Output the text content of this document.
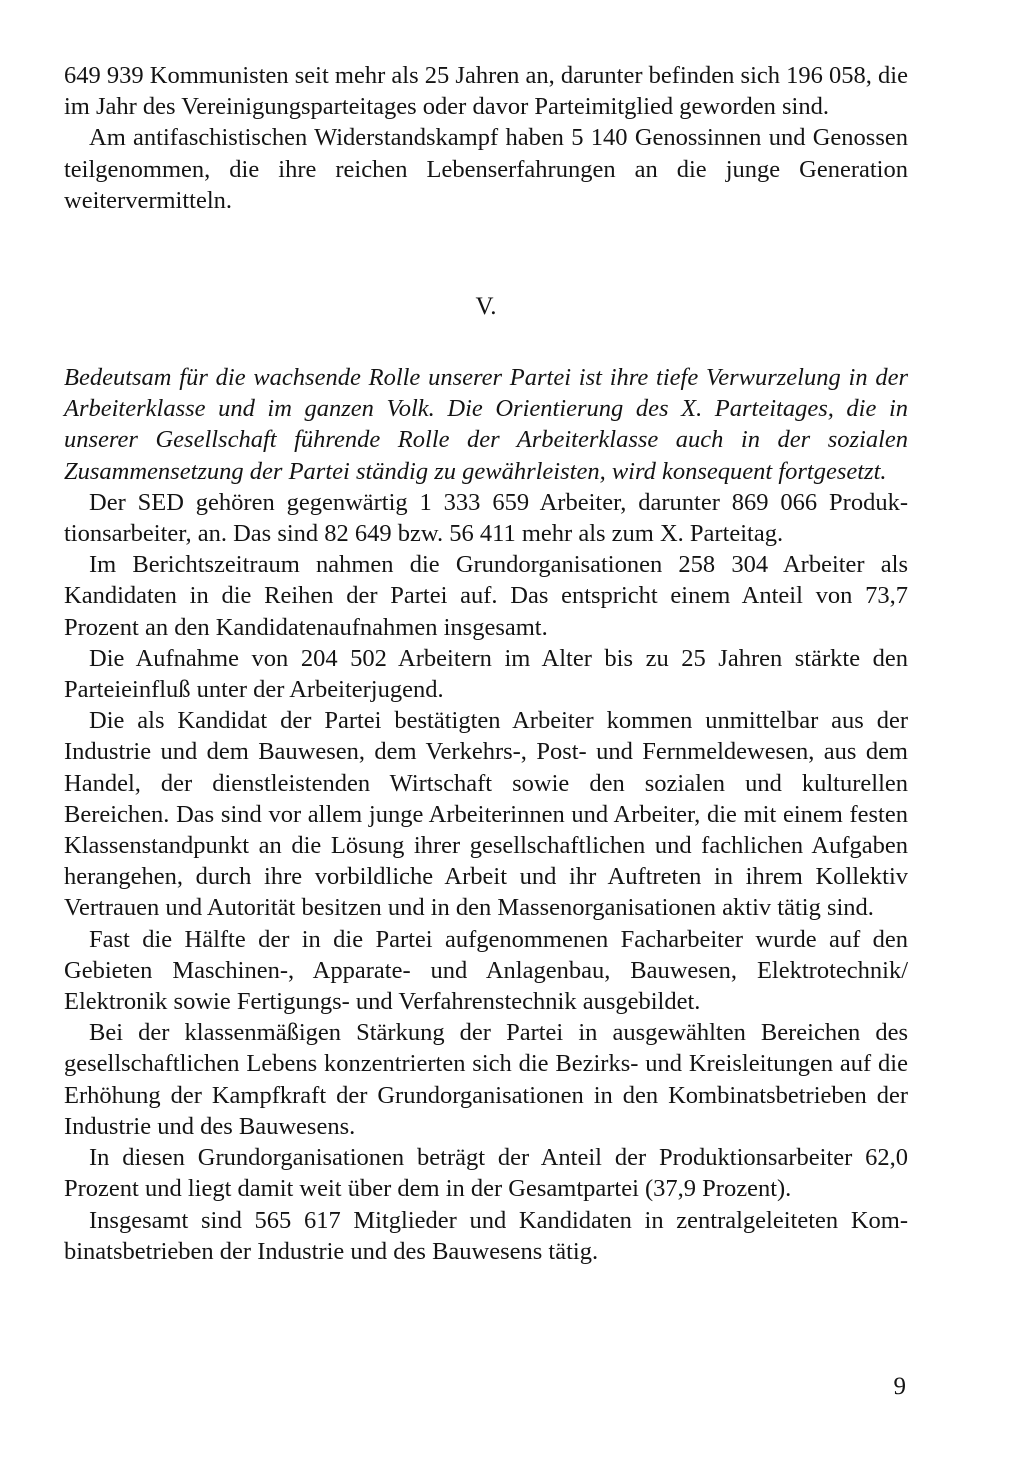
649 939 Kommunisten seit mehr als 25 Jahren an, darunter befinden sich 196 058, die im Jahr des Vereinigungsparteitages oder davor Parteimitglied geworden sind.

Am antifaschistischen Widerstandskampf haben 5 140 Genossinnen und Genossen teilgenommen, die ihre reichen Lebenserfahrungen an die junge Generation weitervermitteln.

V.

Bedeutsam für die wachsende Rolle unserer Partei ist ihre tiefe Verwurzelung in der Arbeiterklasse und im ganzen Volk. Die Orientierung des X. Parteitages, die in unserer Gesellschaft führende Rolle der Arbeiterklasse auch in der sozialen Zusammensetzung der Partei ständig zu gewährleisten, wird konsequent fortgesetzt.

Der SED gehören gegenwärtig 1 333 659 Arbeiter, darunter 869 066 Produktionsarbeiter, an. Das sind 82 649 bzw. 56 411 mehr als zum X. Parteitag.

Im Berichtszeitraum nahmen die Grundorganisationen 258 304 Arbeiter als Kandidaten in die Reihen der Partei auf. Das entspricht einem Anteil von 73,7 Prozent an den Kandidatenaufnahmen insgesamt.

Die Aufnahme von 204 502 Arbeitern im Alter bis zu 25 Jahren stärkte den Parteieinfluß unter der Arbeiterjugend.

Die als Kandidat der Partei bestätigten Arbeiter kommen unmittelbar aus der Industrie und dem Bauwesen, dem Verkehrs-, Post- und Fernmeldewesen, aus dem Handel, der dienstleistenden Wirtschaft sowie den sozialen und kulturellen Bereichen. Das sind vor allem junge Arbeiterinnen und Arbeiter, die mit einem festen Klassenstandpunkt an die Lösung ihrer gesellschaftlichen und fachlichen Aufgaben herangehen, durch ihre vorbildliche Arbeit und ihr Auftreten in ihrem Kollektiv Vertrauen und Autorität besitzen und in den Massenorganisationen aktiv tätig sind.

Fast die Hälfte der in die Partei aufgenommenen Facharbeiter wurde auf den Gebieten Maschinen-, Apparate- und Anlagenbau, Bauwesen, Elektrotechnik/ Elektronik sowie Fertigungs- und Verfahrenstechnik ausgebildet.

Bei der klassenmäßigen Stärkung der Partei in ausgewählten Bereichen des gesellschaftlichen Lebens konzentrierten sich die Bezirks- und Kreisleitungen auf die Erhöhung der Kampfkraft der Grundorganisationen in den Kombinatsbetrieben der Industrie und des Bauwesens.

In diesen Grundorganisationen beträgt der Anteil der Produktionsarbeiter 62,0 Prozent und liegt damit weit über dem in der Gesamtpartei (37,9 Prozent).

Insgesamt sind 565 617 Mitglieder und Kandidaten in zentralgeleiteten Kombinatsbetrieben der Industrie und des Bauwesens tätig.

9
